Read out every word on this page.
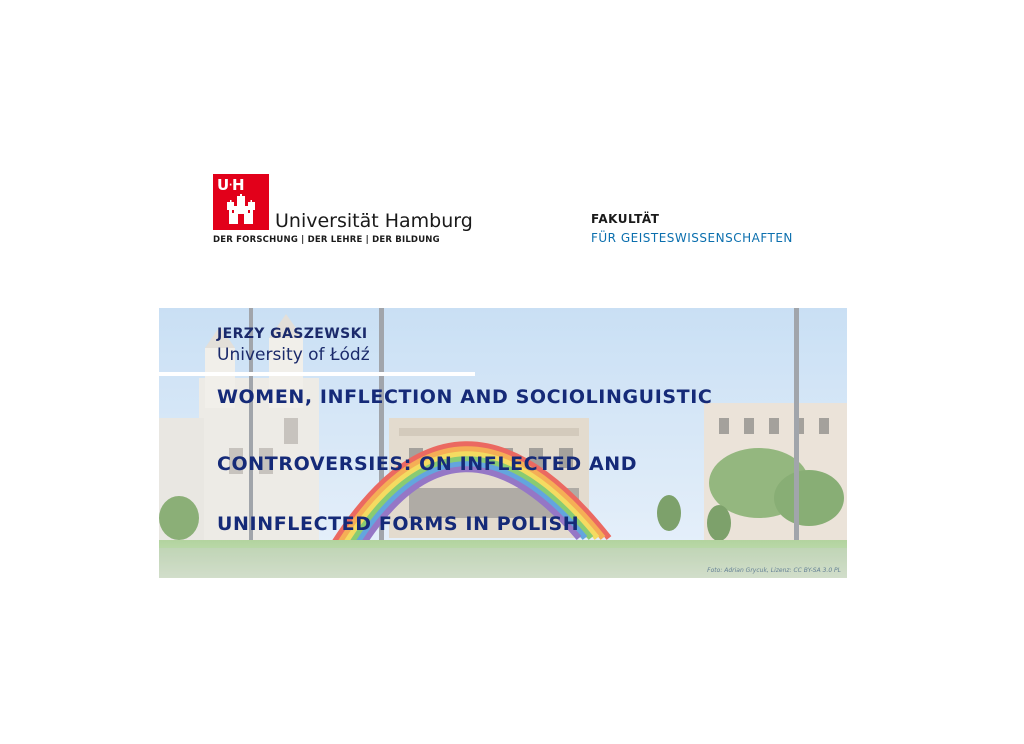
U·H
Universität Hamburg
DER FORSCHUNG | DER LEHRE | DER BILDUNG
FAKULTÄT
FÜR GEISTESWISSENSCHAFTEN
JERZY GASZEWSKI
University of Łódź
WOMEN, INFLECTION AND SOCIOLINGUISTIC
CONTROVERSIES: ON INFLECTED AND
UNINFLECTED FORMS IN POLISH
Foto: Adrian Grycuk, Lizenz: CC BY-SA 3.0 PL
